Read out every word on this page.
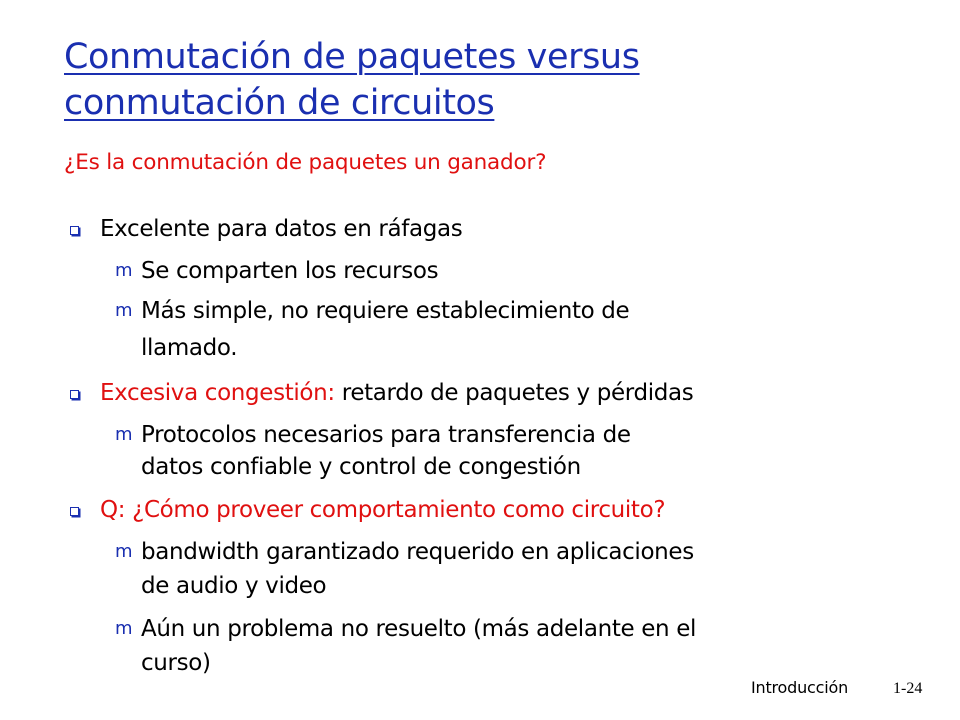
Conmutación de paquetes versus
conmutación de circuitos
¿Es la conmutación de paquetes un ganador?
Excelente para datos en ráfagas
m Se comparten los recursos
m Más simple, no requiere establecimiento de
llamado.
Excesiva congestión: retardo de paquetes y pérdidas
m Protocolos necesarios para transferencia de
datos confiable y control de congestión
Q: ¿Cómo proveer comportamiento como circuito?
m bandwidth garantizado requerido en aplicaciones
de audio y video
m Aún un problema no resuelto (más adelante en el
curso)
Introducción	1-24
